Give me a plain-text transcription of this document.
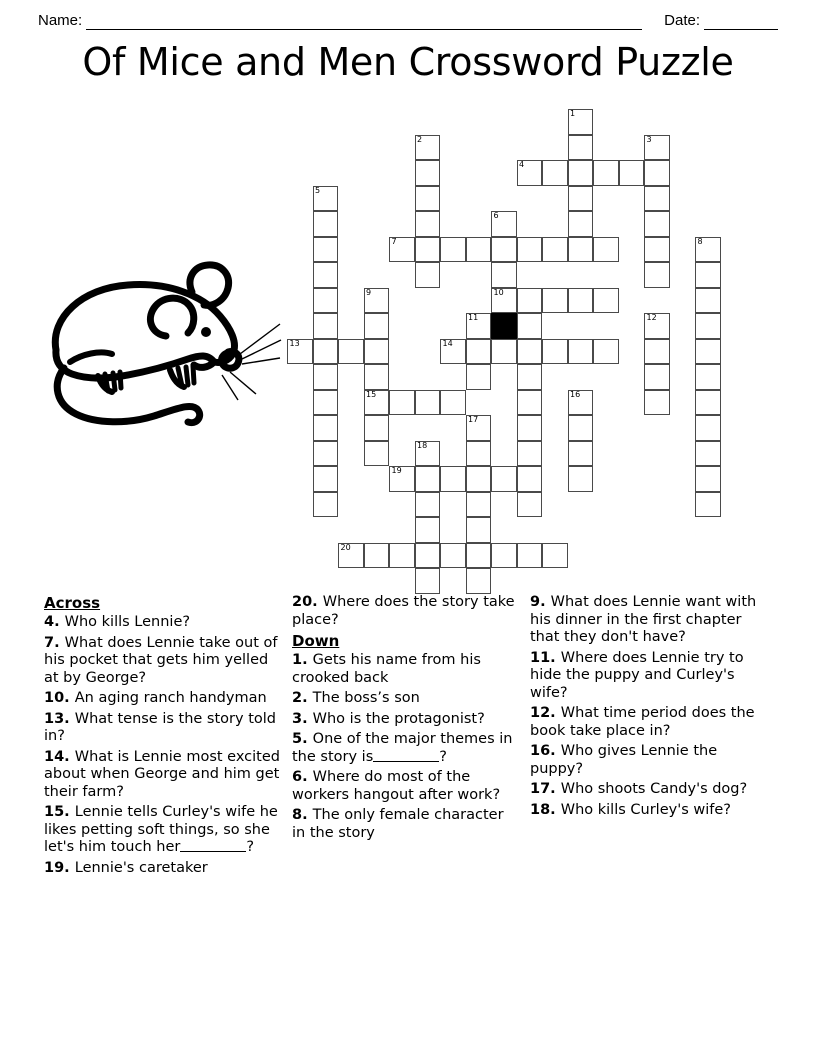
Name:	Date:
Of Mice and Men Crossword Puzzle
1
2	3
4
5
6
7	8
9	10
11	12
13	14
15	16
17
18
19
20
Across

4. Who kills Lennie?

7. What does Lennie take out of his pocket that gets him yelled at by George?

10. An aging ranch handyman

13. What tense is the story told in?

14. What is Lennie most excited about when George and him get their farm?

15. Lennie tells Curley's wife he likes petting soft things, so she let's him touch her	?

19. Lennie's caretaker

20. Where does the story take place?

Down

1. Gets his name from his crooked back

2. The boss’s son

3. Who is the protagonist?

5. One of the major themes in the story is	?

6. Where do most of the workers hangout after work?

8. The only female character in the story

9. What does Lennie want with his dinner in the first chapter that they don't have?

11. Where does Lennie try to hide the puppy and Curley's wife?

12. What time period does the book take place in?

16. Who gives Lennie the puppy?

17. Who shoots Candy's dog?

18. Who kills Curley's wife?
